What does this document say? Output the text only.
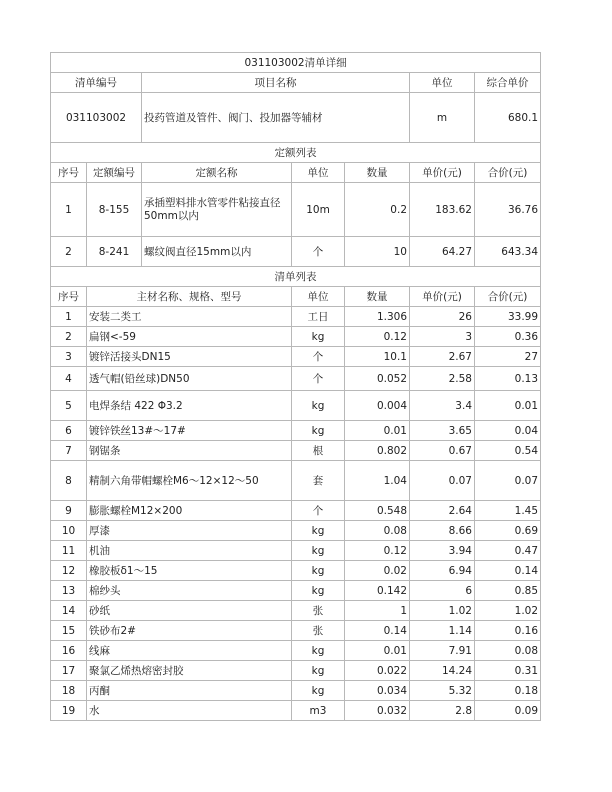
031103002清单详细						
清单编号		项目名称			单位	综合单价
031103002		投药管道及管件、阀门、投加器等辅材			m	680.1
定额列表						
序号	定额编号	定额名称	单位	数量	单价(元)	合价(元)
1	8-155	承插塑料排水管零件粘接直径50mm以内	10m	0.2	183.62	36.76
2	8-241	螺纹阀直径15mm以内	个	10	64.27	643.34
清单列表						
序号	主材名称、规格、型号		单位	数量	单价(元)	合价(元)
1	安装二类工		工日	1.306	26	33.99
2	扁钢<-59		kg	0.12	3	0.36
3	镀锌活接头DN15		个	10.1	2.67	27
4	透气帽(铅丝球)DN50		个	0.052	2.58	0.13
5	电焊条结 422 Φ3.2		kg	0.004	3.4	0.01
6	镀锌铁丝13#～17#		kg	0.01	3.65	0.04
7	钢锯条		根	0.802	0.67	0.54
8	精制六角带帽螺栓M6～12×12～50		套	1.04	0.07	0.07
9	膨胀螺栓M12×200		个	0.548	2.64	1.45
10	厚漆		kg	0.08	8.66	0.69
11	机油		kg	0.12	3.94	0.47
12	橡胶板δ1～15		kg	0.02	6.94	0.14
13	棉纱头		kg	0.142	6	0.85
14	砂纸		张	1	1.02	1.02
15	铁砂布2#		张	0.14	1.14	0.16
16	线麻		kg	0.01	7.91	0.08
17	聚氯乙烯热熔密封胶		kg	0.022	14.24	0.31
18	丙酮		kg	0.034	5.32	0.18
19	水		m3	0.032	2.8	0.09
